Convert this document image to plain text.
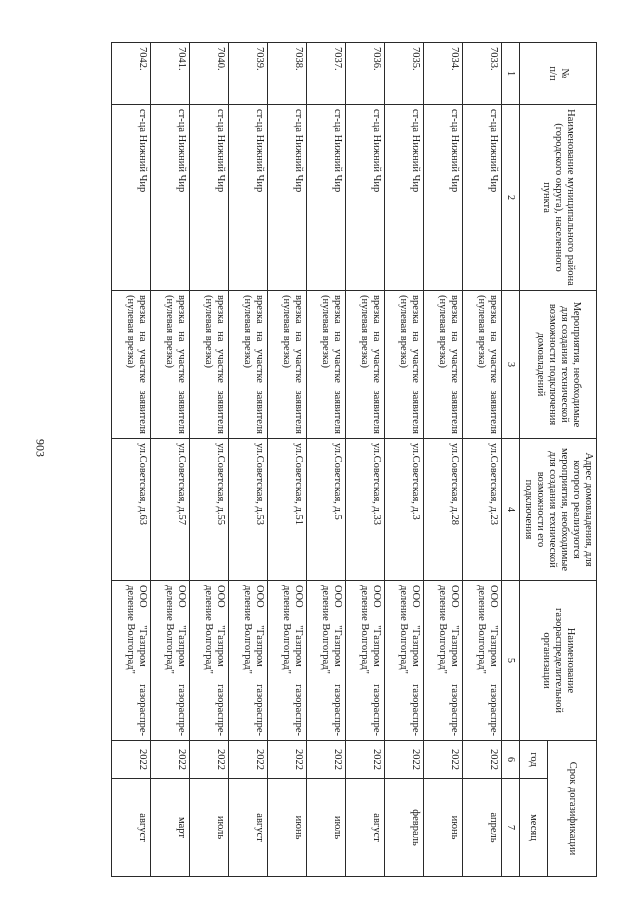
903
№
п/п	Наименование муниципального района (городского округа), населенного пункта	Мероприятия, необходимые для создания технической возможности подключения домовладений	Адрес домовладения, для которого реализуются мероприятия, необходимые для создания технической возможности его подключения	Наименование газораспределительной организации	Срок догазификации	
					год	месяц
1	2	3	4	5	6	7
7033.	ст-ца Нижний Чир	врезка на участке заявителя (нулевая врезка)	ул.Советская, д.23	ООО "Газпром газораспре-деление Волгоград"	2022	апрель
7034.	ст-ца Нижний Чир	врезка на участке заявителя (нулевая врезка)	ул.Советская, д.28	ООО "Газпром газораспре-деление Волгоград"	2022	июнь
7035.	ст-ца Нижний Чир	врезка на участке заявителя (нулевая врезка)	ул.Советская, д.3	ООО "Газпром газораспре-деление Волгоград"	2022	февраль
7036.	ст-ца Нижний Чир	врезка на участке заявителя (нулевая врезка)	ул.Советская, д.33	ООО "Газпром газораспре-деление Волгоград"	2022	август
7037.	ст-ца Нижний Чир	врезка на участке заявителя (нулевая врезка)	ул.Советская, д.5	ООО "Газпром газораспре-деление Волгоград"	2022	июль
7038.	ст-ца Нижний Чир	врезка на участке заявителя (нулевая врезка)	ул.Советская, д.51	ООО "Газпром газораспре-деление Волгоград"	2022	июнь
7039.	ст-ца Нижний Чир	врезка на участке заявителя (нулевая врезка)	ул.Советская, д.53	ООО "Газпром газораспре-деление Волгоград"	2022	август
7040.	ст-ца Нижний Чир	врезка на участке заявителя (нулевая врезка)	ул.Советская, д.55	ООО "Газпром газораспре-деление Волгоград"	2022	июль
7041.	ст-ца Нижний Чир	врезка на участке заявителя (нулевая врезка)	ул.Советская, д.57	ООО "Газпром газораспре-деление Волгоград"	2022	март
7042.	ст-ца Нижний Чир	врезка на участке заявителя (нулевая врезка)	ул.Советская, д.63	ООО "Газпром газораспре-деление Волгоград"	2022	август
